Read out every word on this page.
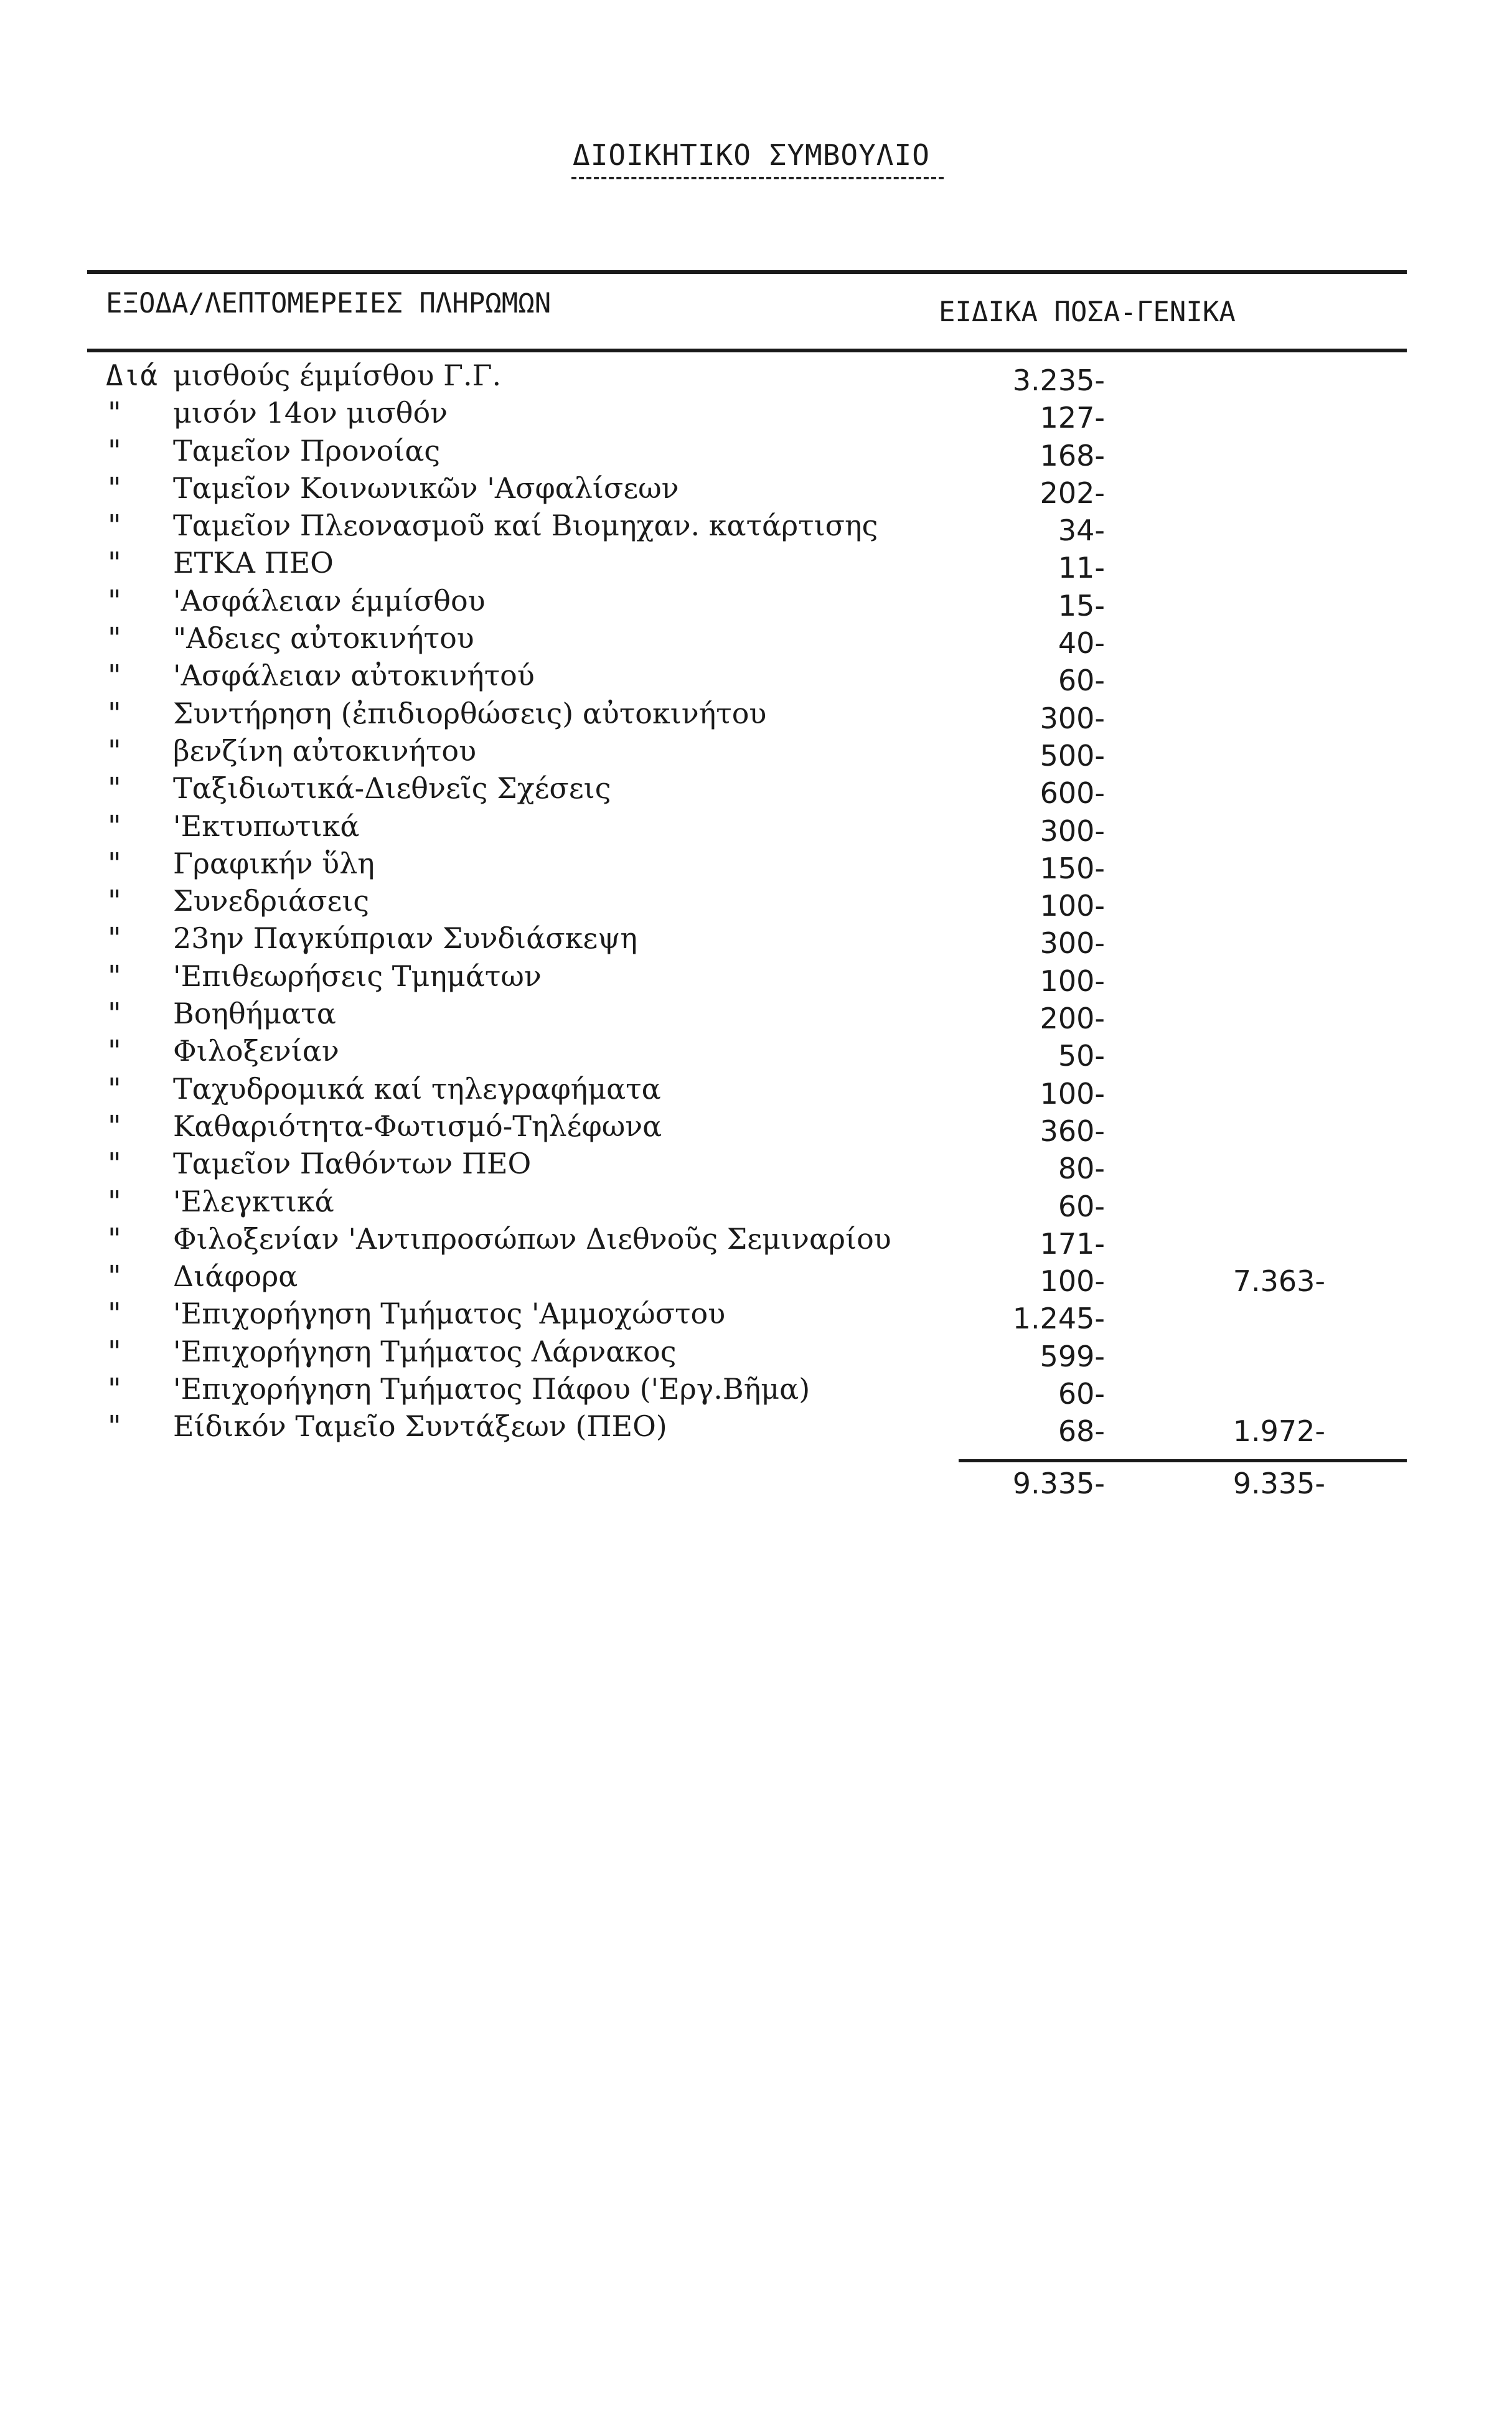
ΔΙΟΙΚΗΤΙΚΟ ΣΥΜΒΟΥΛΙΟ
ΕΞΟΔΑ/ΛΕΠΤΟΜΕΡΕΙΕΣ ΠΛΗΡΩΜΩΝ	ΕΙΔΙΚΑ ΠΟΣΑ-ΓΕΝΙΚΑ
Διά μισθούς έμμίσθου Γ.Γ.	3.235-
"	μισόν 14ον μισθόν	127-
"	Ταμεῖον Προνοίας	168-
"	Ταμεῖον Κοινωνικῶν 'Ασφαλίσεων	202-
"	Ταμεῖον Πλεονασμοῦ καί Βιομηχαν. κατάρτισης	34-
"	ΕΤΚΑ ΠΕΟ	11-
"	'Ασφάλειαν έμμίσθου	15-
"	"Αδειες αὐτοκινήτου	40-
"	'Ασφάλειαν αὐτοκινήτού	60-
"	Συντήρηση (ἐπιδιορθώσεις) αὐτοκινήτου	300-
"	βενζίνη αὐτοκινήτου	500-
"	Ταξιδιωτικά-Διεθνεῖς Σχέσεις	600-
"	'Εκτυπωτικά	300-
"	Γραφικήν ὕλη	150-
"	Συνεδριάσεις	100-
"	23ην Παγκύπριαν Συνδιάσκεψη	300-
"	'Επιθεωρήσεις Τμημάτων	100-
"	Βοηθήματα	200-
"	Φιλοξενίαν	50-
"	Ταχυδρομικά καί τηλεγραφήματα	100-
"	Καθαριότητα-Φωτισμό-Τηλέφωνα	360-
"	Ταμεῖον Παθόντων ΠΕΟ	80-
"	'Ελεγκτικά	60-
"	Φιλοξενίαν 'Αντιπροσώπων Διεθνοῦς Σεμιναρίου	171-
"	Διάφορα	100-	7.363-
"	'Επιχορήγηση Τμήματος 'Αμμοχώστου	1.245-
"	'Επιχορήγηση Τμήματος Λάρνακος	599-
"	'Επιχορήγηση Τμήματος Πάφου ('Εργ.Βῆμα)	60-
"	Είδικόν Ταμεῖο Συντάξεων (ΠΕΟ)	68-	1.972-
9.335-	9.335-
